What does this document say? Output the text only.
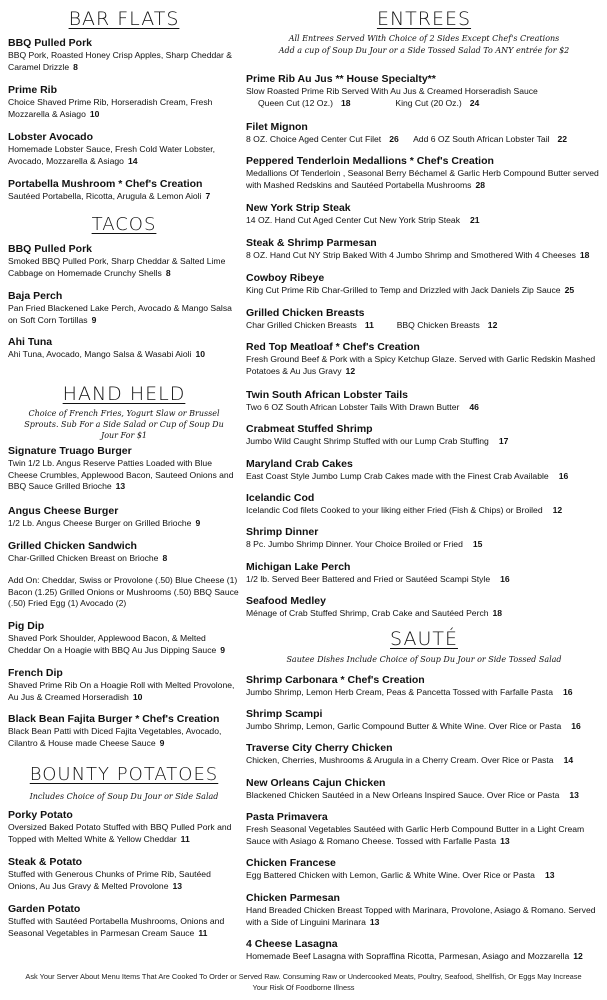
BAR FLATS
BBQ Pulled Pork
BBQ Pork, Roasted Honey Crisp Apples, Sharp Cheddar & Caramel Drizzle 8
Prime Rib
Choice Shaved Prime Rib, Horseradish Cream, Fresh Mozzarella & Asiago 10
Lobster Avocado
Homemade Lobster Sauce, Fresh Cold Water Lobster, Avocado, Mozzarella & Asiago 14
Portabella Mushroom * Chef's Creation
Sautéed Portabella, Ricotta, Arugula & Lemon Aioli 7
TACOS
BBQ Pulled Pork
Smoked BBQ Pulled Pork, Sharp Cheddar & Salted Lime Cabbage on Homemade Crunchy Shells 8
Baja Perch
Pan Fried Blackened Lake Perch, Avocado & Mango Salsa on Soft Corn Tortillas 9
Ahi Tuna
Ahi Tuna, Avocado, Mango Salsa & Wasabi Aioli 10
HAND HELD
Choice of French Fries, Yogurt Slaw or Brussel Sprouts. Sub For a Side Salad or Cup of Soup Du Jour For $1
Signature Truago Burger
Twin 1/2 Lb. Angus Reserve Patties Loaded with Blue Cheese Crumbles, Applewood Bacon, Sauteed Onions and BBQ Sauce Grilled Brioche 13
Angus Cheese Burger
1/2 Lb. Angus Cheese Burger on Grilled Brioche 9
Grilled Chicken Sandwich
Char-Grilled Chicken Breast on Brioche 8
Add On: Cheddar, Swiss or Provolone (.50) Blue Cheese (1) Bacon (1.25) Grilled Onions or Mushrooms (.50) BBQ Sauce (.50) Fried Egg (1) Avocado (2)
Pig Dip
Shaved Pork Shoulder, Applewood Bacon, & Melted Cheddar On a Hoagie with BBQ Au Jus Dipping Sauce 9
French Dip
Shaved Prime Rib On a Hoagie Roll with Melted Provolone, Au Jus & Creamed Horseradish 10
Black Bean Fajita Burger * Chef's Creation
Black Bean Patti with Diced Fajita Vegetables, Avocado, Cilantro & House made Cheese Sauce 9
BOUNTY POTATOES
Includes Choice of Soup Du Jour or Side Salad
Porky Potato
Oversized Baked Potato Stuffed with BBQ Pulled Pork and Topped with Melted White & Yellow Cheddar 11
Steak & Potato
Stuffed with Generous Chunks of Prime Rib, Sautéed Onions, Au Jus Gravy & Melted Provolone 13
Garden Potato
Stuffed with Sautéed Portabella Mushrooms, Onions and Seasonal Vegetables in Parmesan Cream Sauce 11
ENTREES
All Entrees Served With Choice of 2 Sides Except Chef's Creations
Add a cup of Soup Du Jour or a Side Tossed Salad To ANY entrée for $2
Prime Rib Au Jus ** House Specialty**
Slow Roasted Prime Rib Served With Au Jus & Creamed Horseradish Sauce
Queen Cut (12 Oz.) 18	King Cut (20 Oz.) 24
Filet Mignon
8 OZ. Choice Aged Center Cut Filet 26 Add 6 OZ South African Lobster Tail 22
Peppered Tenderloin Medallions * Chef's Creation
Medallions Of Tenderloin , Seasonal Berry Béchamel & Garlic Herb Compound Butter served with Mashed Redskins and Sautéed Portabella Mushrooms 28
New York Strip Steak
14 OZ. Hand Cut Aged Center Cut New York Strip Steak 21
Steak & Shrimp Parmesan
8 OZ. Hand Cut NY Strip Baked With 4 Jumbo Shrimp and Smothered With 4 Cheeses 18
Cowboy Ribeye
King Cut Prime Rib Char-Grilled to Temp and Drizzled with Jack Daniels Zip Sauce 25
Grilled Chicken Breasts
Char Grilled Chicken Breasts 11	BBQ Chicken Breasts 12
Red Top Meatloaf * Chef's Creation
Fresh Ground Beef & Pork with a Spicy Ketchup Glaze. Served with Garlic Redskin Mashed Potatoes & Au Jus Gravy 12
Twin South African Lobster Tails
Two 6 OZ South African Lobster Tails With Drawn Butter 46
Crabmeat Stuffed Shrimp
Jumbo Wild Caught Shrimp Stuffed with our Lump Crab Stuffing 17
Maryland Crab Cakes
East Coast Style Jumbo Lump Crab Cakes made with the Finest Crab Available 16
Icelandic Cod
Icelandic Cod filets Cooked to your liking either Fried (Fish & Chips) or Broiled 12
Shrimp Dinner
8 Pc. Jumbo Shrimp Dinner. Your Choice Broiled or Fried 15
Michigan Lake Perch
1/2 lb. Served Beer Battered and Fried or Sautéed Scampi Style 16
Seafood Medley
Ménage of Crab Stuffed Shrimp, Crab Cake and Sautéed Perch 18
SAUTÉ
Sautee Dishes Include Choice of Soup Du Jour or Side Tossed Salad
Shrimp Carbonara * Chef's Creation
Jumbo Shrimp, Lemon Herb Cream, Peas & Pancetta Tossed with Farfalle Pasta 16
Shrimp Scampi
Jumbo Shrimp, Lemon, Garlic Compound Butter & White Wine. Over Rice or Pasta 16
Traverse City Cherry Chicken
Chicken, Cherries, Mushrooms & Arugula in a Cherry Cream. Over Rice or Pasta 14
New Orleans Cajun Chicken
Blackened Chicken Sautéed in a New Orleans Inspired Sauce. Over Rice or Pasta 13
Pasta Primavera
Fresh Seasonal Vegetables Sautéed with Garlic Herb Compound Butter in a Light Cream Sauce with Asiago & Romano Cheese. Tossed with Farfalle Pasta 13
Chicken Francese
Egg Battered Chicken with Lemon, Garlic & White Wine. Over Rice or Pasta 13
Chicken Parmesan
Hand Breaded Chicken Breast Topped with Marinara, Provolone, Asiago & Romano. Served with a Side of Linguini Marinara 13
4 Cheese Lasagna
Homemade Beef Lasagna with Sopraffina Ricotta, Parmesan, Asiago and Mozzarella 12
Ask Your Server About Menu Items That Are Cooked To Order or Served Raw. Consuming Raw or Undercooked Meats, Poultry, Seafood, Shellfish, Or Eggs May Increase Your Risk Of Foodborne Illness
